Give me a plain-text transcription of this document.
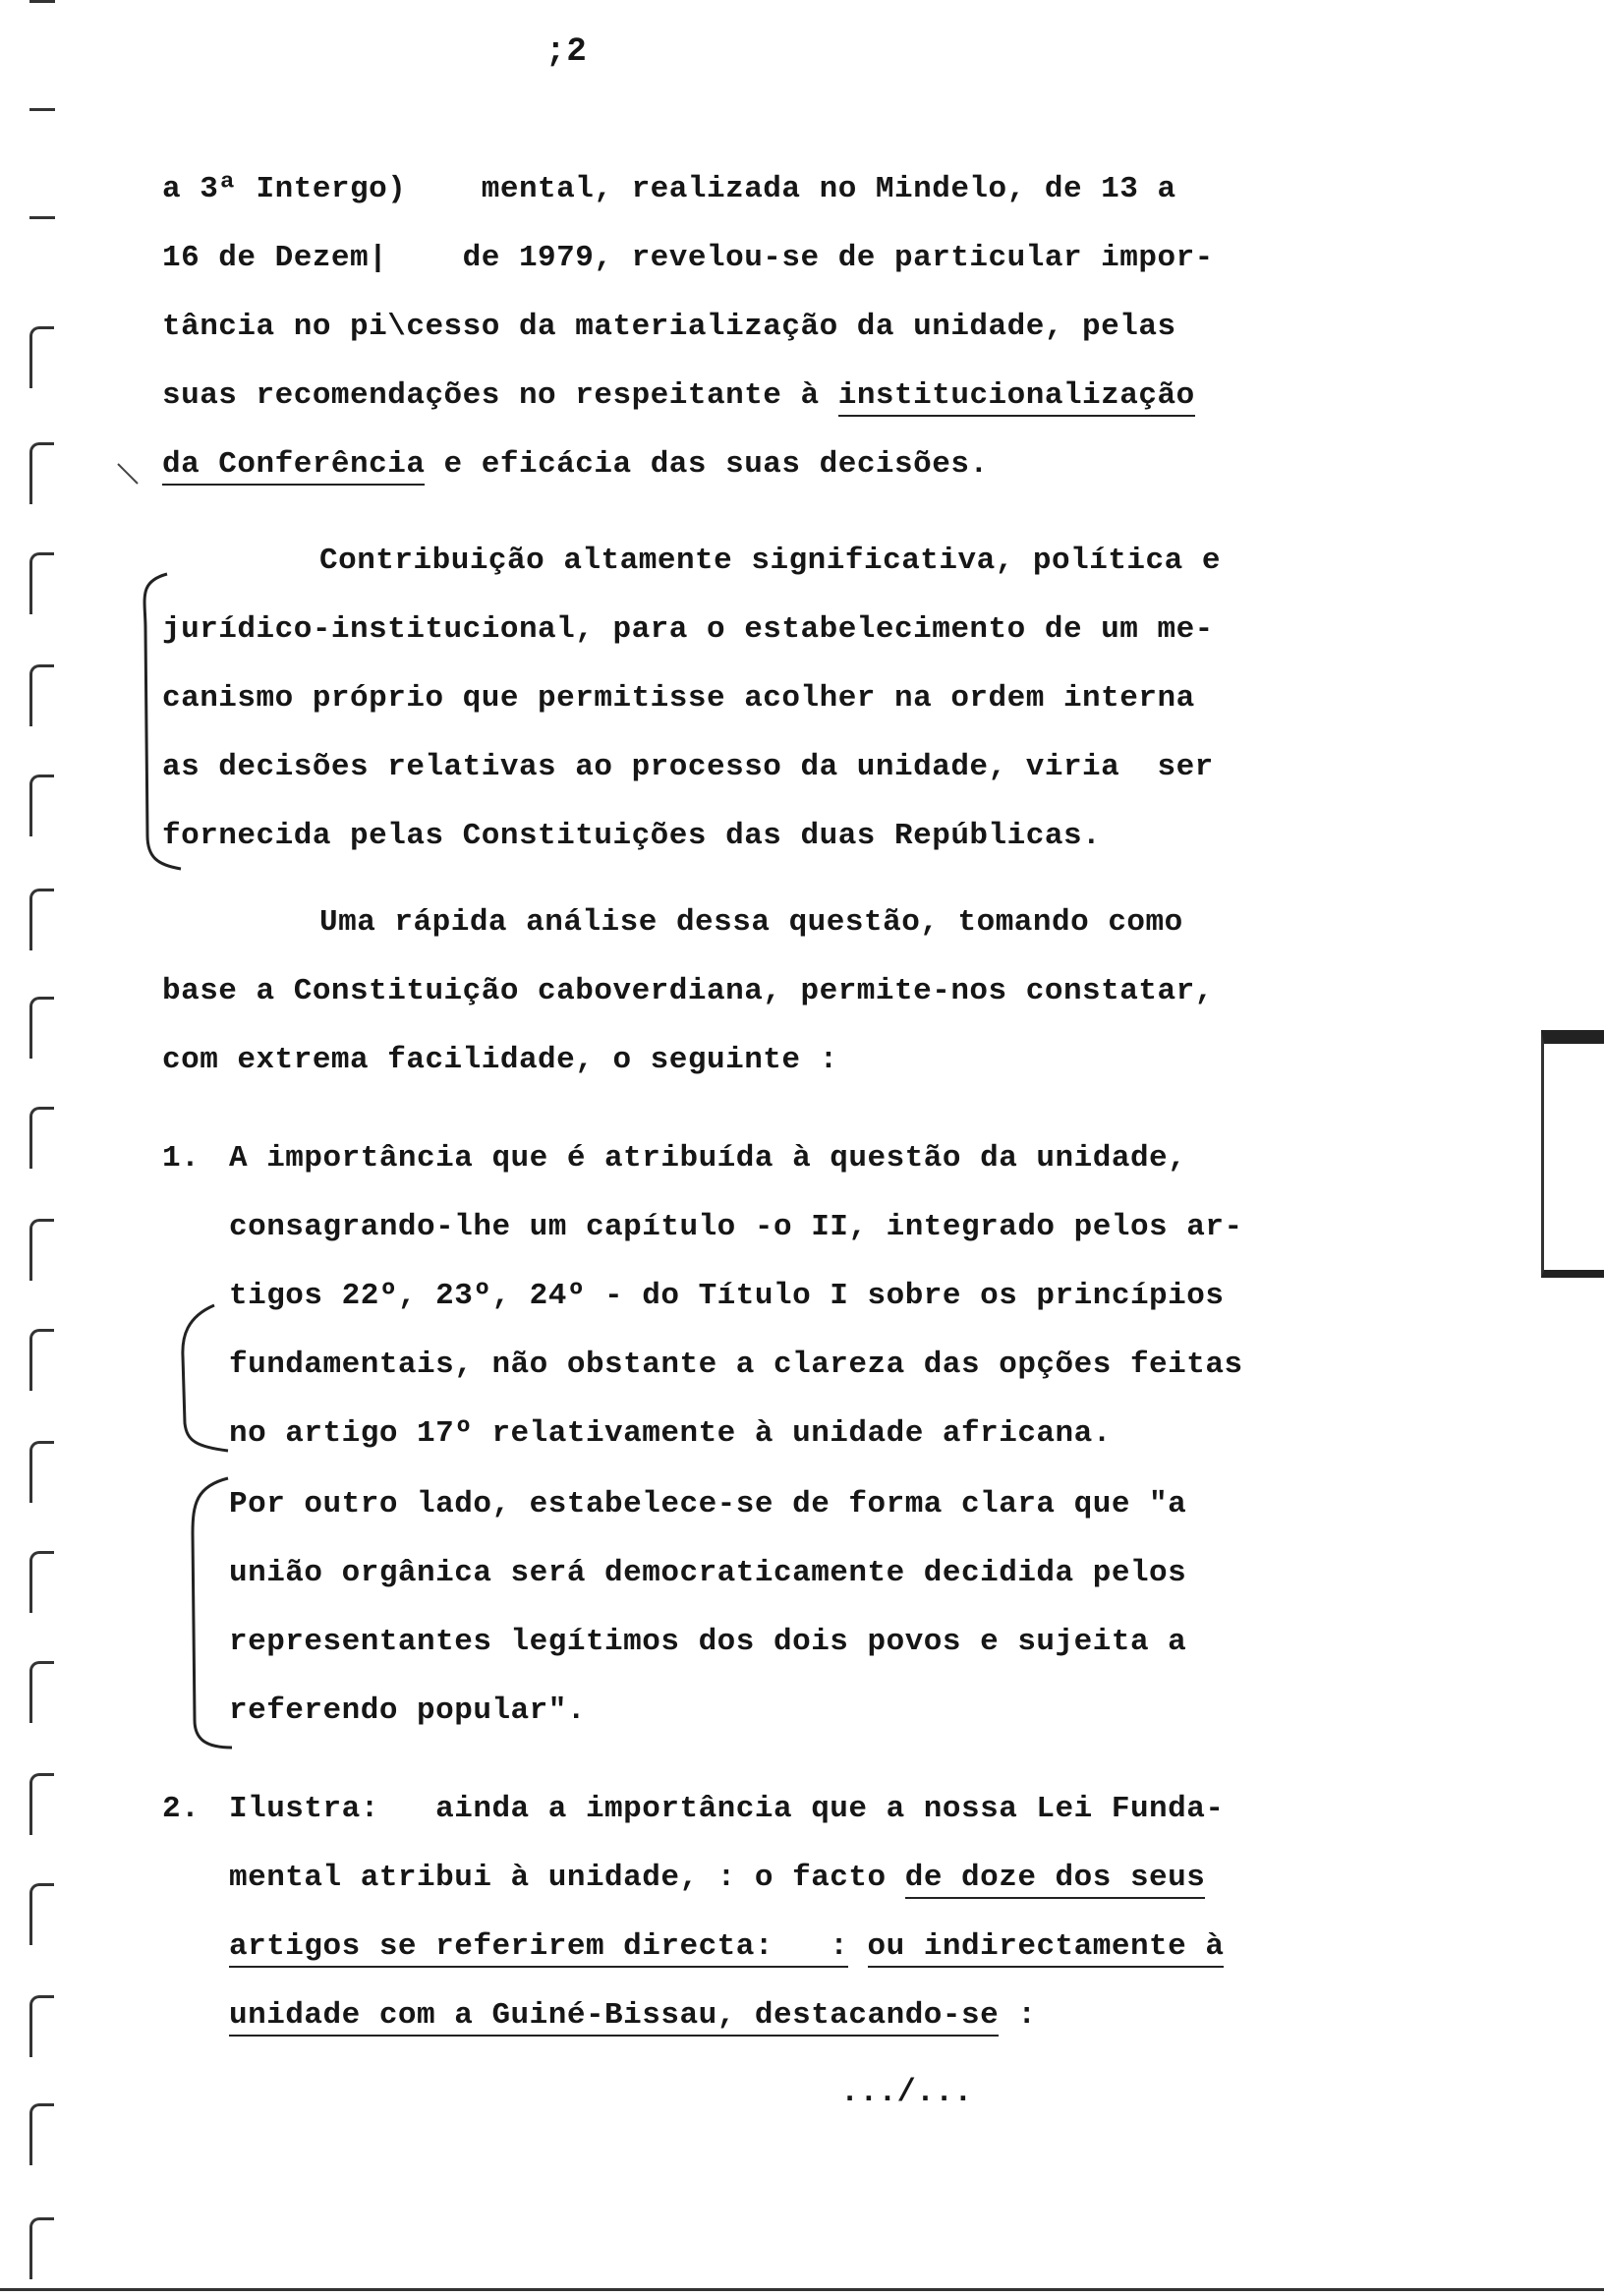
;2
a 3ª Intergo)    mental, realizada no Mindelo, de 13 a
16 de Dezem|    de 1979, revelou-se de particular impor-
tância no pi\cesso da materialização da unidade, pelas
suas recomendações no respeitante à institucionalização
da Conferência e eficácia das suas decisões.
Contribuição altamente significativa, política e
jurídico-institucional, para o estabelecimento de um me-
canismo próprio que permitisse acolher na ordem interna
as decisões relativas ao processo da unidade, viria  ser
fornecida pelas Constituições das duas Repúblicas.
Uma rápida análise dessa questão, tomando como
base a Constituição caboverdiana, permite-nos constatar,
com extrema facilidade, o seguinte :
1. A importância que é atribuída à questão da unidade,
consagrando-lhe um capítulo -o II, integrado pelos ar-
tigos 22º, 23º, 24º - do Título I sobre os princípios
fundamentais, não obstante a clareza das opções feitas
no artigo 17º relativamente à unidade africana.
Por outro lado, estabelece-se de forma clara que "a
união orgânica será democraticamente decidida pelos
representantes legítimos dos dois povos e sujeita a
referendo popular".
2. Ilustra:   ainda a importância que a nossa Lei Funda-
mental atribui à unidade, : o facto de doze dos seus
artigos se referirem directa:   : ou indirectamente à
unidade com a Guiné-Bissau, destacando-se :
.../...
